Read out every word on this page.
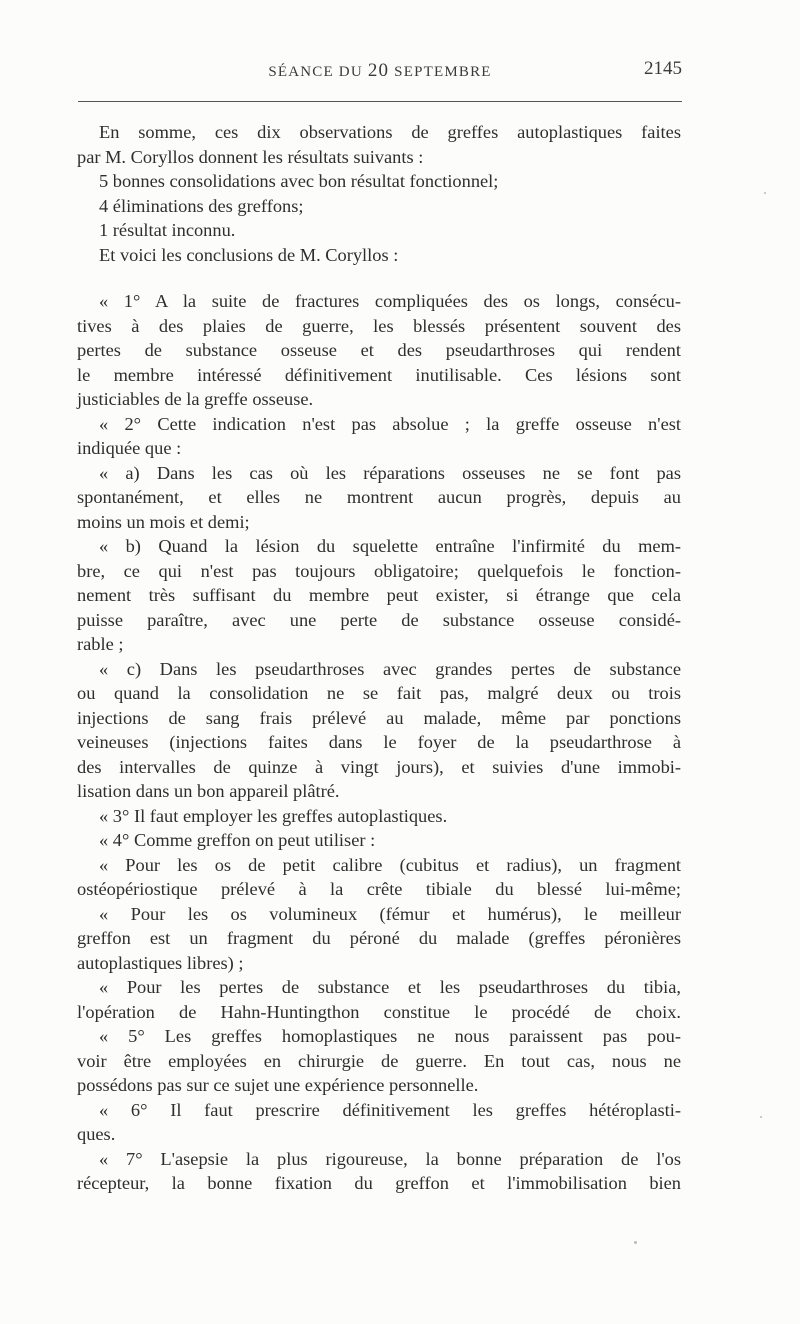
SÉANCE DU 20 SEPTEMBRE	2145
En somme, ces dix observations de greffes autoplastiques faites
par M. Coryllos donnent les résultats suivants :
5 bonnes consolidations avec bon résultat fonctionnel;
4 éliminations des greffons;
1 résultat inconnu.
Et voici les conclusions de M. Coryllos :
« 1° A la suite de fractures compliquées des os longs, consécu-
tives à des plaies de guerre, les blessés présentent souvent des
pertes de substance osseuse et des pseudarthroses qui rendent
le membre intéressé définitivement inutilisable. Ces lésions sont
justiciables de la greffe osseuse.
« 2° Cette indication n'est pas absolue ; la greffe osseuse n'est
indiquée que :
« a) Dans les cas où les réparations osseuses ne se font pas
spontanément, et elles ne montrent aucun progrès, depuis au
moins un mois et demi;
« b) Quand la lésion du squelette entraîne l'infirmité du mem-
bre, ce qui n'est pas toujours obligatoire; quelquefois le fonction-
nement très suffisant du membre peut exister, si étrange que cela
puisse paraître, avec une perte de substance osseuse considé-
rable ;
« c) Dans les pseudarthroses avec grandes pertes de substance
ou quand la consolidation ne se fait pas, malgré deux ou trois
injections de sang frais prélevé au malade, même par ponctions
veineuses (injections faites dans le foyer de la pseudarthrose à
des intervalles de quinze à vingt jours), et suivies d'une immobi-
lisation dans un bon appareil plâtré.
« 3° Il faut employer les greffes autoplastiques.
« 4° Comme greffon on peut utiliser :
« Pour les os de petit calibre (cubitus et radius), un fragment
ostéopériostique prélevé à la crête tibiale du blessé lui-même;
« Pour les os volumineux (fémur et humérus), le meilleur
greffon est un fragment du péroné du malade (greffes péronières
autoplastiques libres) ;
« Pour les pertes de substance et les pseudarthroses du tibia,
l'opération de Hahn-Huntingthon constitue le procédé de choix.
« 5° Les greffes homoplastiques ne nous paraissent pas pou-
voir être employées en chirurgie de guerre. En tout cas, nous ne
possédons pas sur ce sujet une expérience personnelle.
« 6° Il faut prescrire définitivement les greffes hétéroplasti-
ques.
« 7° L'asepsie la plus rigoureuse, la bonne préparation de l'os
récepteur, la bonne fixation du greffon et l'immobilisation bien
